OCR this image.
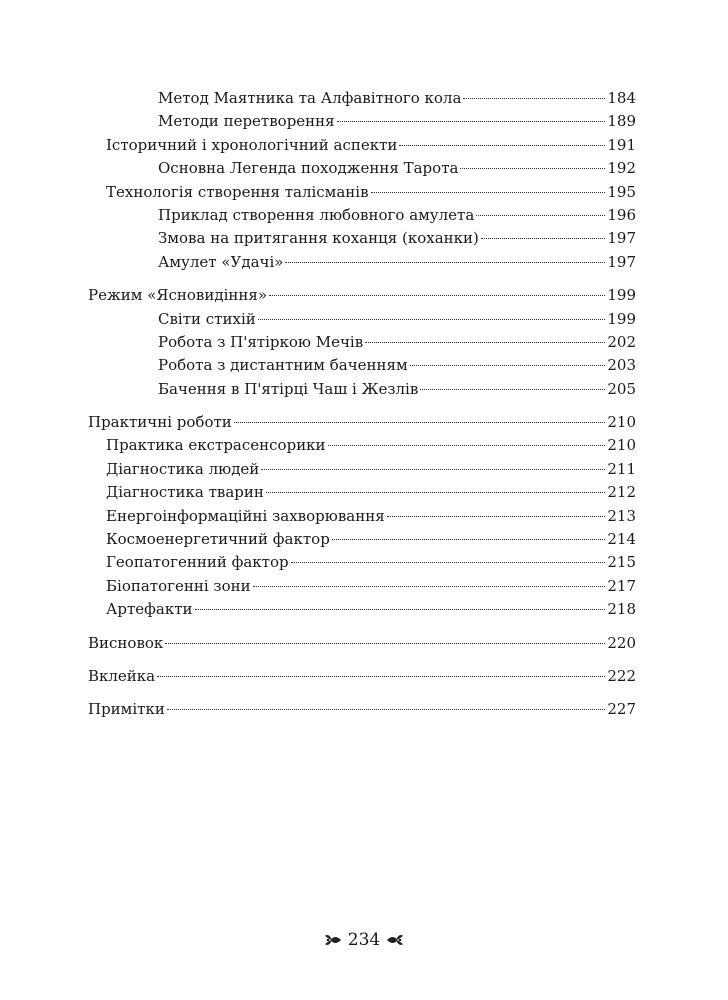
Метод Маятника та Алфавітного кола	184
Методи перетворення	189
Історичний і хронологічний аспекти	191
Основна Легенда походження Тарота	192
Технологія створення талісманів	195
Приклад створення любовного амулета	196
Змова на притягання коханця (коханки)	197
Амулет «Удачі»	197
Режим «Ясновидіння»	199
Світи стихій	199
Робота з П'ятіркою Мечів	202
Робота з дистантним баченням	203
Бачення в П'ятірці Чаш і Жезлів	205
Практичні роботи	210
Практика екстрасенсорики	210
Діагностика людей	211
Діагностика тварин	212
Енергоінформаційні захворювання	213
Космоенергетичний фактор	214
Геопатогенний фактор	215
Біопатогенні зони	217
Артефакти	218
Висновок	220
Вклейка	222
Примітки	227
234
